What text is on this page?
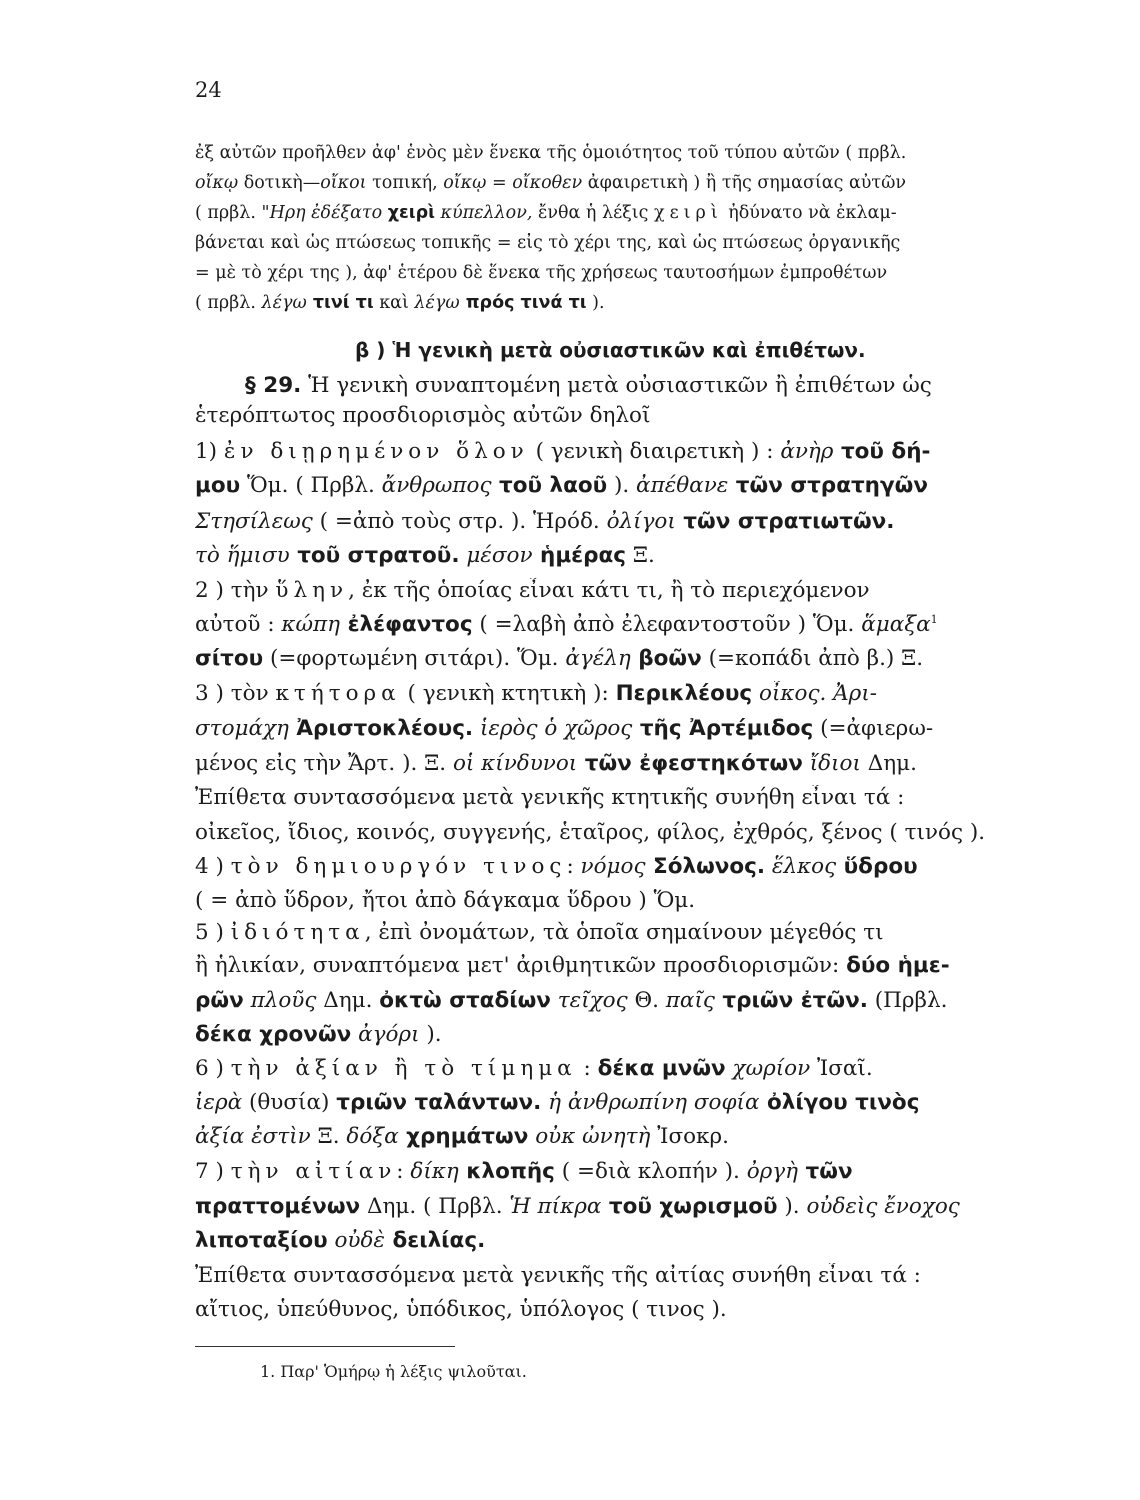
24
ἐξ αὐτῶν προῆλθεν ἀφ' ἑνὸς μὲν ἕνεκα τῆς ὁμοιότητος τοῦ τύπου αὐτῶν ( πρβλ.
οἴκῳ δοτικὴ—οἴκοι τοπική, οἴκῳ = οἴκοθεν ἀφαιρετικὴ ) ἢ τῆς σημασίας αὐτῶν
( πρβλ. "Ηρη ἐδέξατο χειρὶ κύπελλον, ἔνθα ἡ λέξις χειρὶ ἠδύνατο νὰ ἐκλαμ-
βάνεται καὶ ὡς πτώσεως τοπικῆς = εἰς τὸ χέρι της, καὶ ὡς πτώσεως ὀργανικῆς
= μὲ τὸ χέρι της ), ἀφ' ἑτέρου δὲ ἕνεκα τῆς χρήσεως ταυτοσήμων ἐμπροθέτων
( πρβλ. λέγω τινί τι καὶ λέγω πρός τινά τι ).
β ) Ἡ γενικὴ μετὰ οὐσιαστικῶν καὶ ἐπιθέτων.
§ 29. Ἡ γενικὴ συναπτομένη μετὰ οὐσιαστικῶν ἢ ἐπιθέτων ὡς
ἑτερόπτωτος προσδιορισμὸς αὐτῶν δηλοῖ
1) ἐν διῃρημένον ὅλον ( γενικὴ διαιρετικὴ ) : ἀνὴρ τοῦ δή-
μου Ὅμ. ( Πρβλ. ἄνθρωπος τοῦ λαοῦ ). ἀπέθανε τῶν στρατηγῶν
Στησίλεως ( =ἀπὸ τοὺς στρ. ). Ἡρόδ. ὀλίγοι τῶν στρατιωτῶν.
τὸ ἥμισυ τοῦ στρατοῦ. μέσον ἡμέρας Ξ.
2 ) τὴν ὕλην, ἐκ τῆς ὁποίας εἶναι κάτι τι, ἢ τὸ περιεχόμενον
αὐτοῦ : κώπη ἐλέφαντος ( =λαβὴ ἀπὸ ἐλεφαντοστοῦν ) Ὅμ. ἅμαξα$^1$
σίτου (=φορτωμένη σιτάρι). Ὅμ. ἀγέλη βοῶν (=κοπάδι ἀπὸ β.) Ξ.
3 ) τὸν κτήτορα ( γενικὴ κτητικὴ ): Περικλέους οἶκος. Ἀρι-
στομάχη Ἀριστοκλέους. ἱερὸς ὁ χῶρος τῆς Ἀρτέμιδος (=ἀφιερω-
μένος εἰς τὴν Ἄρτ. ). Ξ. οἱ κίνδυνοι τῶν ἐφεστηκότων ἴδιοι Δημ.
Ἐπίθετα συντασσόμενα μετὰ γενικῆς κτητικῆς συνήθη εἶναι τά :
οἰκεῖος, ἴδιος, κοινός, συγγενής, ἑταῖρος, φίλος, ἐχθρός, ξένος ( τινός ).
4 ) τὸν δημιουργόν τινος: νόμος Σόλωνος. ἕλκος ὕδρου
( = ἀπὸ ὕδρον, ἤτοι ἀπὸ δάγκαμα ὕδρου ) Ὅμ.
5 ) ἰδιότητα, ἐπὶ ὀνομάτων, τὰ ὁποῖα σημαίνουν μέγεθός τι
ἢ ἡλικίαν, συναπτόμενα μετ' ἀριθμητικῶν προσδιορισμῶν: δύο ἡμε-
ρῶν πλοῦς Δημ. ὀκτὼ σταδίων τεῖχος Θ. παῖς τριῶν ἐτῶν. (Πρβλ.
δέκα χρονῶν ἀγόρι ).
6 ) τὴν ἀξίαν ἢ τὸ τίμημα : δέκα μνῶν χωρίον Ἰσαῖ.
ἱερὰ (θυσία) τριῶν ταλάντων. ἡ ἀνθρωπίνη σοφία ὀλίγου τινὸς
ἀξία ἐστὶν Ξ. δόξα χρημάτων οὐκ ὠνητὴ Ἰσοκρ.
7 ) τὴν αἰτίαν: δίκη κλοπῆς ( =διὰ κλοπήν ). ὀργὴ τῶν
πραττομένων Δημ. ( Πρβλ. Ἡ πίκρα τοῦ χωρισμοῦ ). οὐδεὶς ἔνοχος
λιποταξίου οὐδὲ δειλίας.
Ἐπίθετα συντασσόμενα μετὰ γενικῆς τῆς αἰτίας συνήθη εἶναι τά :
αἴτιος, ὑπεύθυνος, ὑπόδικος, ὑπόλογος ( τινος ).
1. Παρ' Ὁμήρῳ ἡ λέξις ψιλοῦται.
